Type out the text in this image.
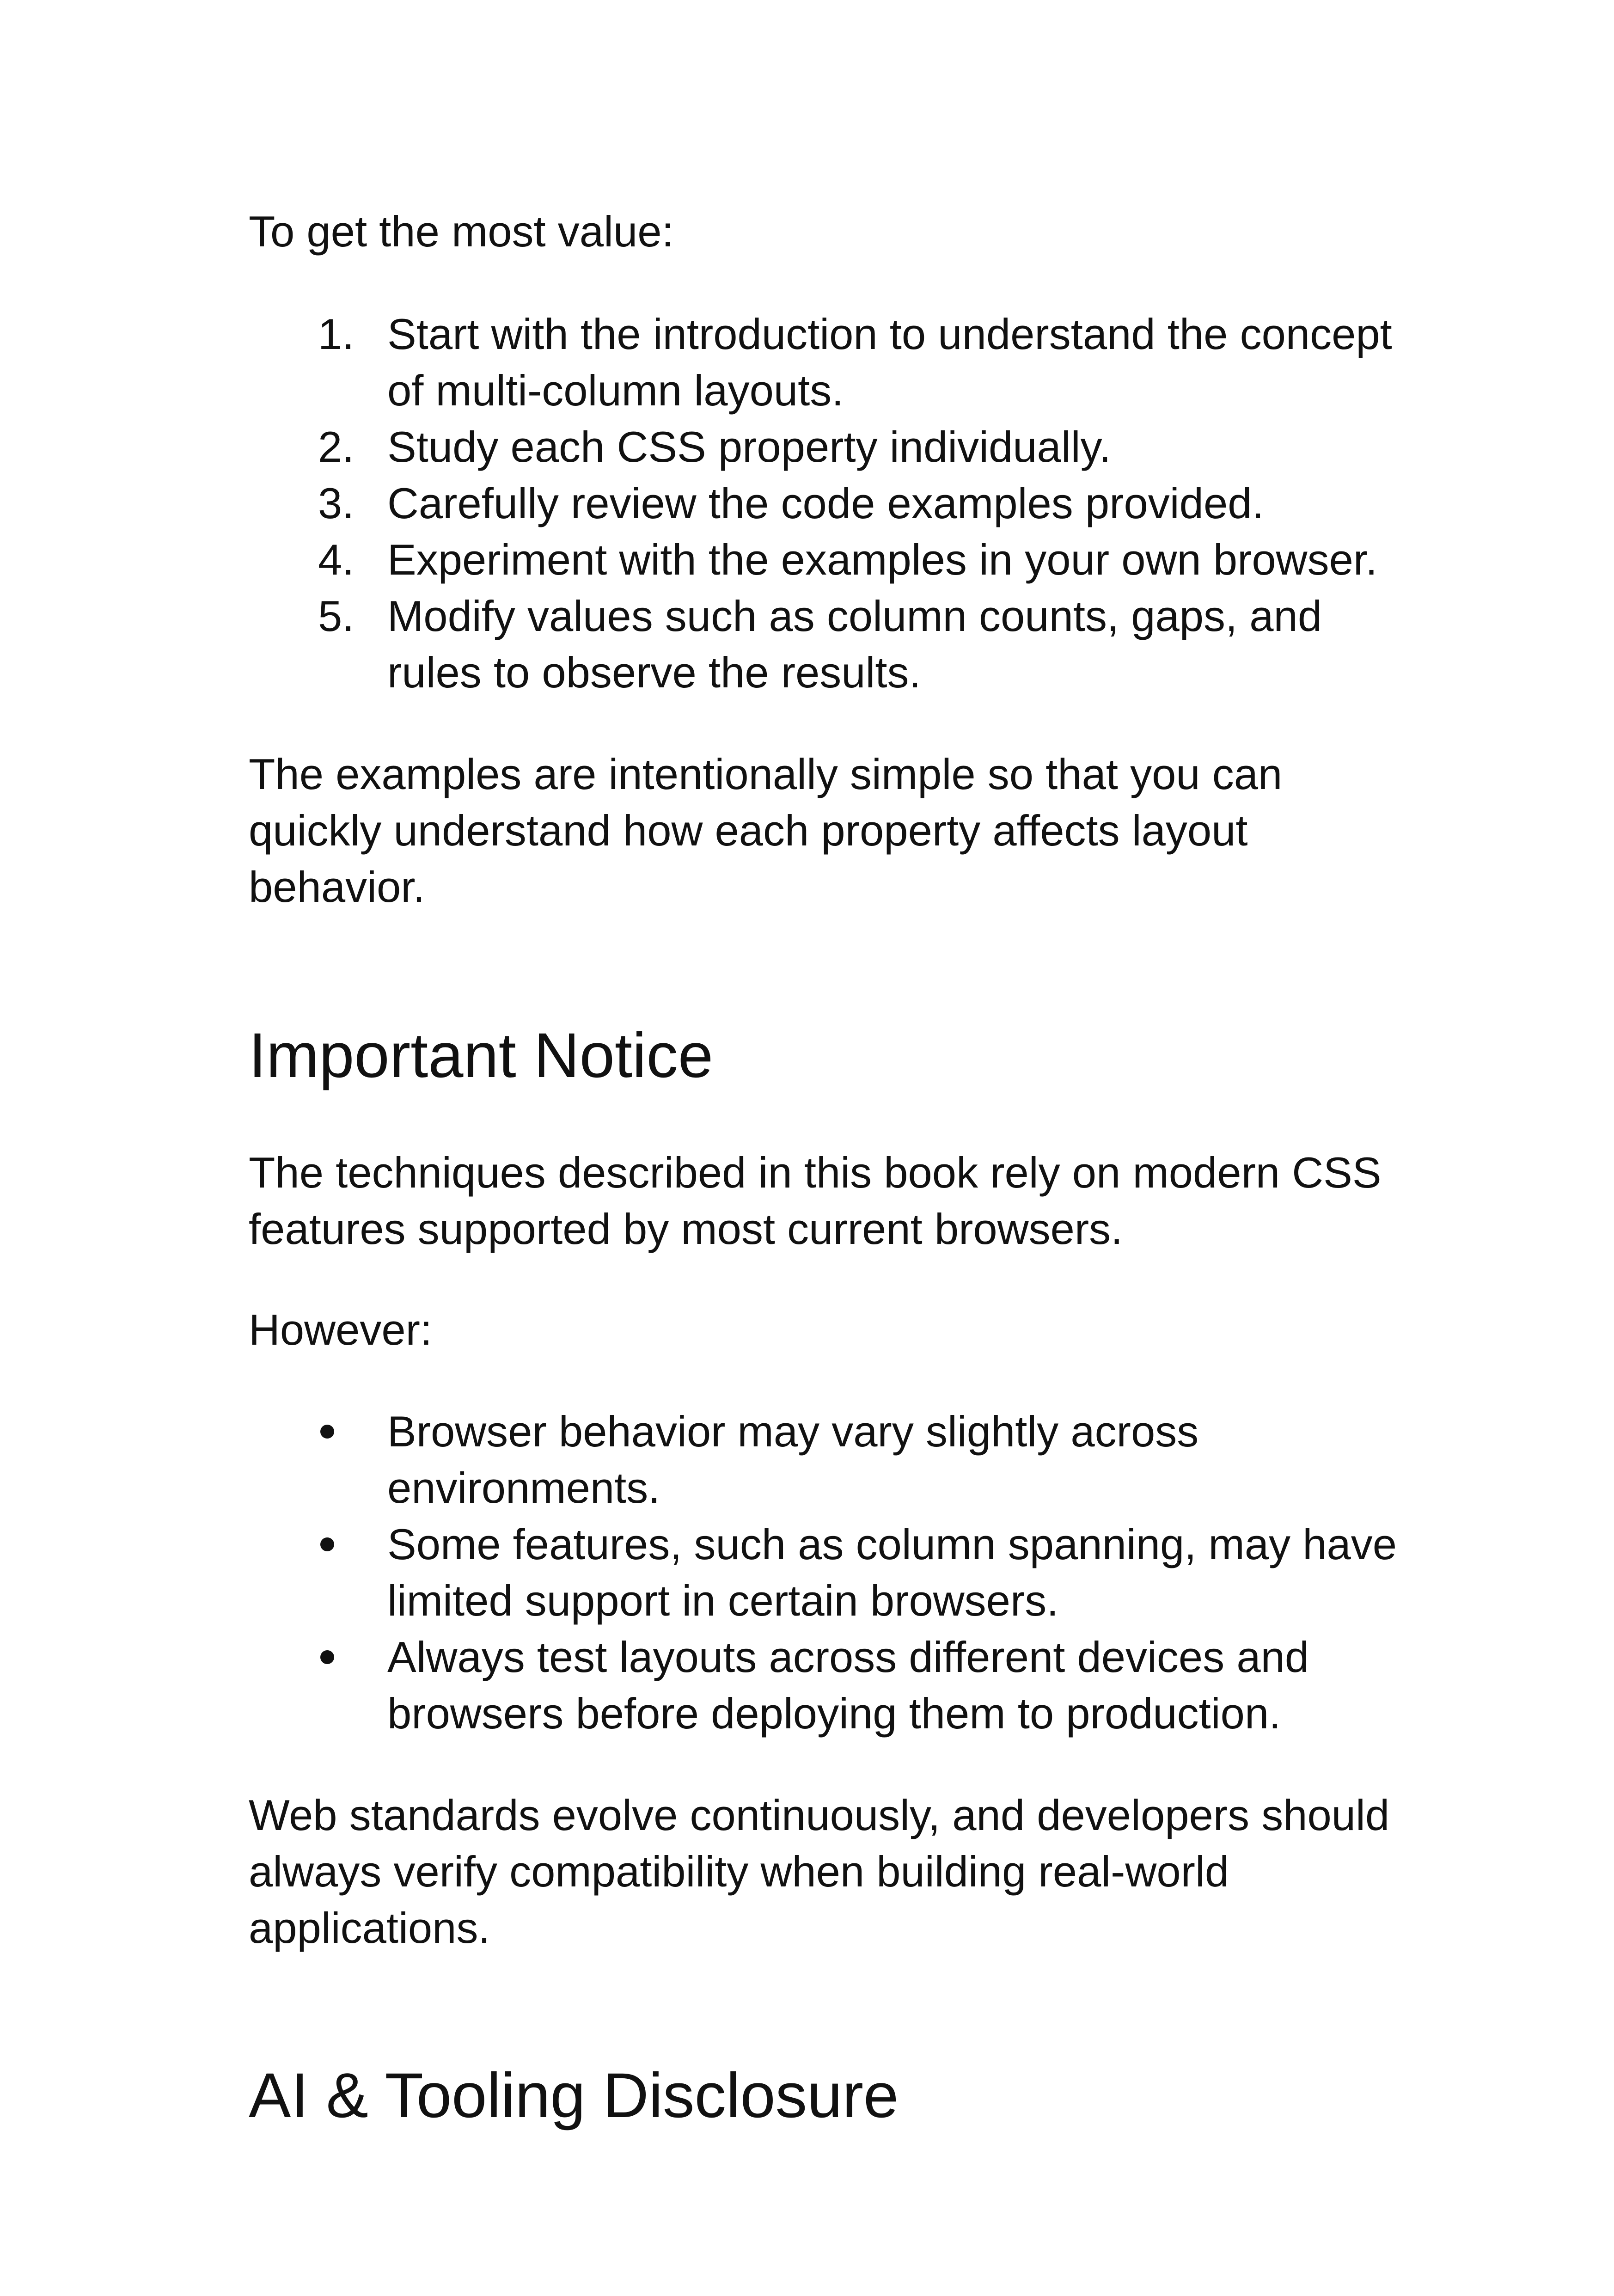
To get the most value:

1. Start with the introduction to understand the concept of multi-column layouts.
2. Study each CSS property individually.
3. Carefully review the code examples provided.
4. Experiment with the examples in your own browser.
5. Modify values such as column counts, gaps, and rules to observe the results.

The examples are intentionally simple so that you can quickly understand how each property affects layout behavior.

Important Notice

The techniques described in this book rely on modern CSS features supported by most current browsers.

However:

Browser behavior may vary slightly across environments.
Some features, such as column spanning, may have limited support in certain browsers.
Always test layouts across different devices and browsers before deploying them to production.

Web standards evolve continuously, and developers should always verify compatibility when building real-world applications.

AI & Tooling Disclosure
